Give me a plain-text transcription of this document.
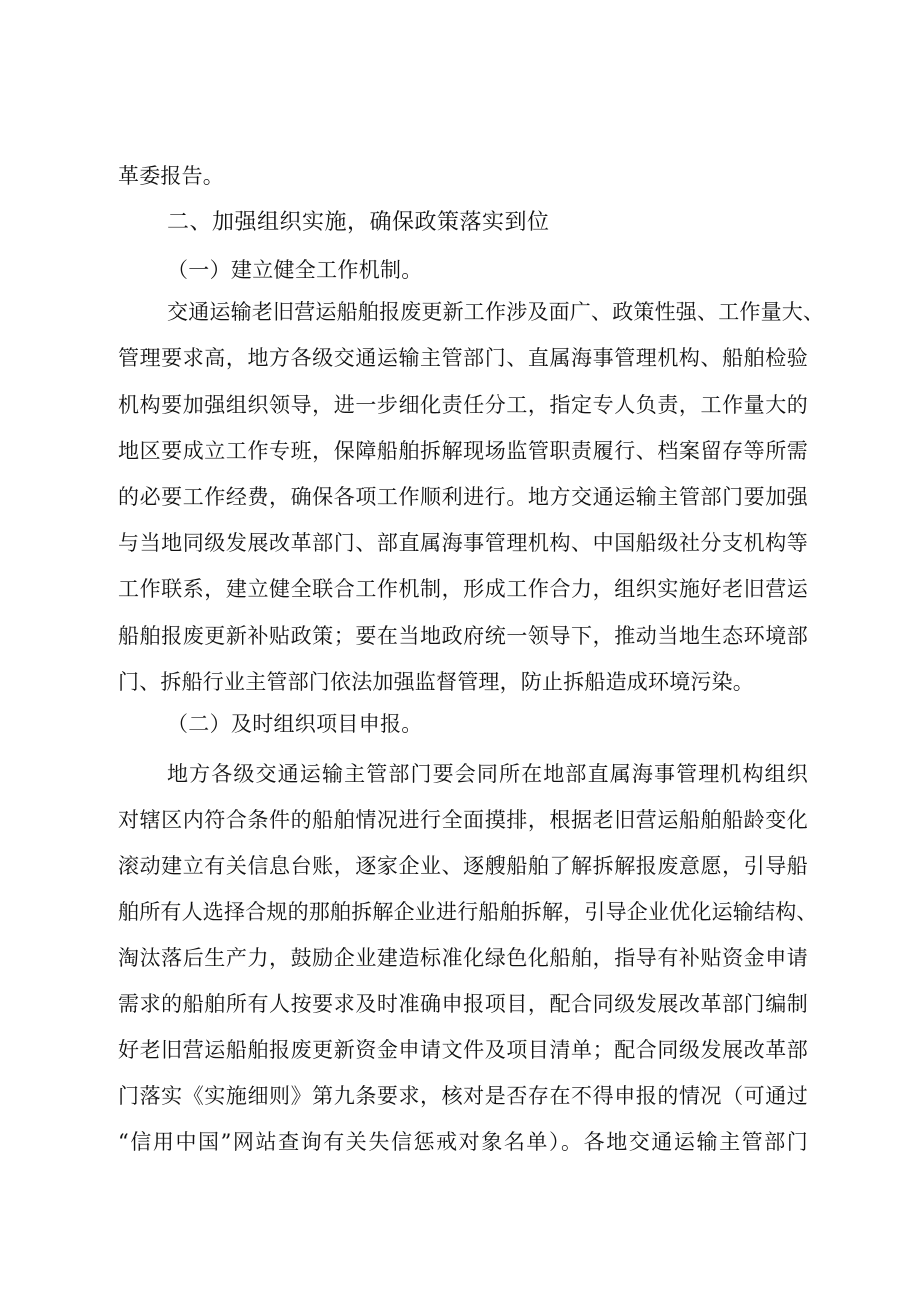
革委报告。
二、加强组织实施，确保政策落实到位
（一）建立健全工作机制。
交通运输老旧营运船舶报废更新工作涉及面广、政策性强、工作量大、
管理要求高，地方各级交通运输主管部门、直属海事管理机构、船舶检验
机构要加强组织领导，进一步细化责任分工，指定专人负责，工作量大的
地区要成立工作专班，保障船舶拆解现场监管职责履行、档案留存等所需
的必要工作经费，确保各项工作顺利进行。地方交通运输主管部门要加强
与当地同级发展改革部门、部直属海事管理机构、中国船级社分支机构等
工作联系，建立健全联合工作机制，形成工作合力，组织实施好老旧营运
船舶报废更新补贴政策；要在当地政府统一领导下，推动当地生态环境部
门、拆船行业主管部门依法加强监督管理，防止拆船造成环境污染。
（二）及时组织项目申报。
地方各级交通运输主管部门要会同所在地部直属海事管理机构组织
对辖区内符合条件的船舶情况进行全面摸排，根据老旧营运船舶船龄变化
滚动建立有关信息台账，逐家企业、逐艘船舶了解拆解报废意愿，引导船
舶所有人选择合规的那舶拆解企业进行船舶拆解，引导企业优化运输结构、
淘汰落后生产力，鼓励企业建造标准化绿色化船舶，指导有补贴资金申请
需求的船舶所有人按要求及时准确申报项目，配合同级发展改革部门编制
好老旧营运船舶报废更新资金申请文件及项目清单；配合同级发展改革部
门落实《实施细则》第九条要求，核对是否存在不得申报的情况（可通过
“信用中国”网站查询有关失信惩戒对象名单）。各地交通运输主管部门
